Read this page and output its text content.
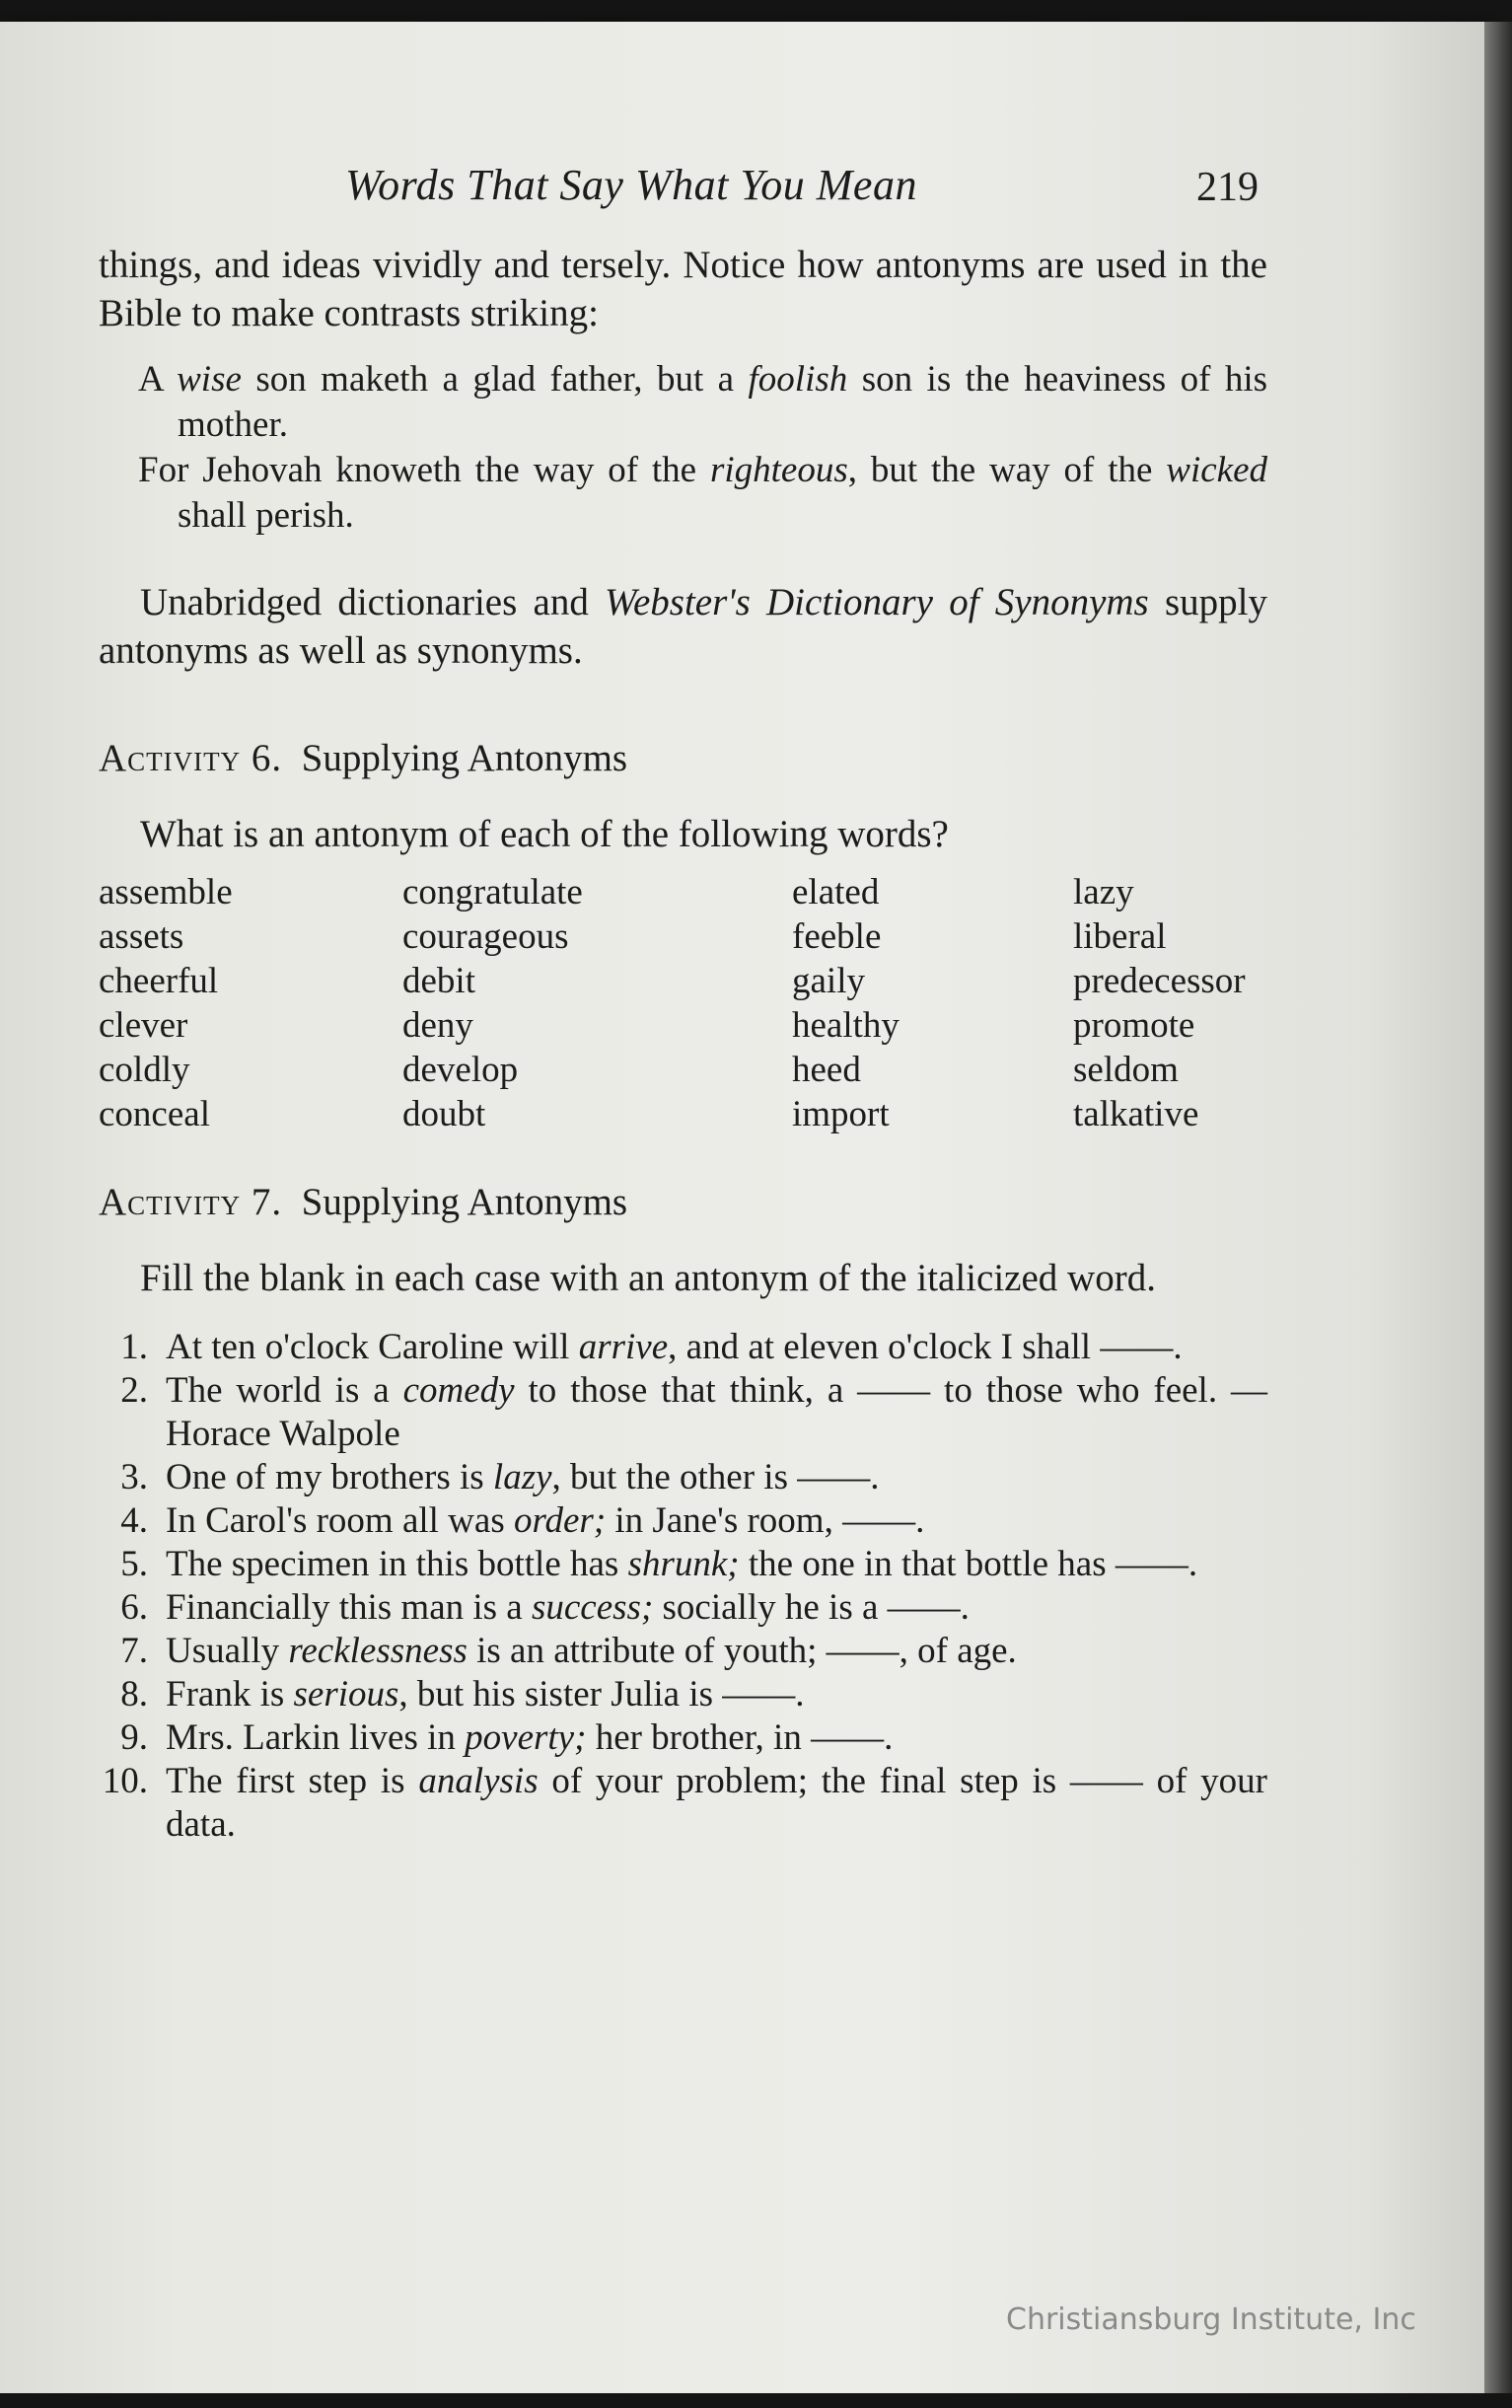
Words That Say What You Mean	219

things, and ideas vividly and tersely. Notice how antonyms are used in the Bible to make contrasts striking:

A wise son maketh a glad father, but a foolish son is the heaviness of his mother.

For Jehovah knoweth the way of the righteous, but the way of the wicked shall perish.

Unabridged dictionaries and Webster's Dictionary of Synonyms supply antonyms as well as synonyms.

Activity 6. Supplying Antonyms

What is an antonym of each of the following words?

assemble
assets
cheerful
clever
coldly
conceal
congratulate
courageous
debit
deny
develop
doubt
elated
feeble
gaily
healthy
heed
import
lazy
liberal
predecessor
promote
seldom
talkative

Activity 7. Supplying Antonyms

Fill the blank in each case with an antonym of the italicized word.

1. At ten o'clock Caroline will arrive, and at eleven o'clock I shall ——.
2. The world is a comedy to those that think, a —— to those who feel. — Horace Walpole
3. One of my brothers is lazy, but the other is ——.
4. In Carol's room all was order; in Jane's room, ——.
5. The specimen in this bottle has shrunk; the one in that bottle has ——.
6. Financially this man is a success; socially he is a ——.
7. Usually recklessness is an attribute of youth; ——, of age.
8. Frank is serious, but his sister Julia is ——.
9. Mrs. Larkin lives in poverty; her brother, in ——.
10. The first step is analysis of your problem; the final step is —— of your data.
Christiansburg Institute, Inc
